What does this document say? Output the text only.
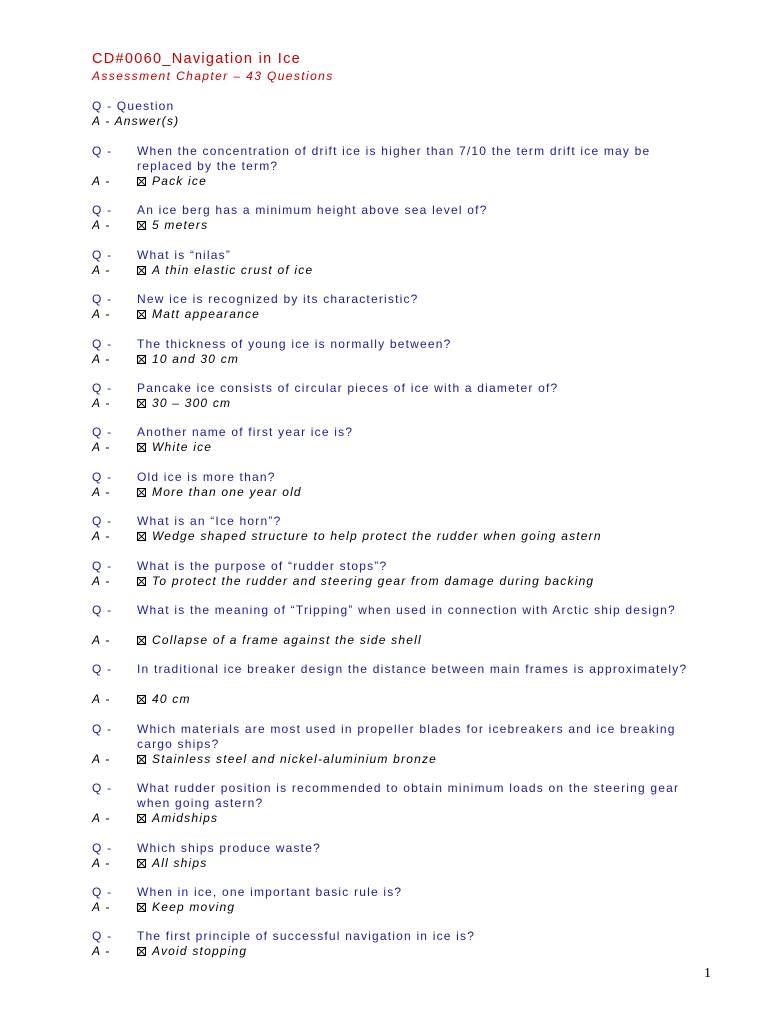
CD#0060_Navigation in Ice
Assessment Chapter – 43 Questions
Q - Question
A - Answer(s)
Q - When the concentration of drift ice is higher than 7/10 the term drift ice may be replaced by the term?
A -	Pack ice
Q - An ice berg has a minimum height above sea level of?
A -	5 meters
Q - What is “nilas”
A -	A thin elastic crust of ice
Q - New ice is recognized by its characteristic?
A -	Matt appearance
Q - The thickness of young ice is normally between?
A -	10 and 30 cm
Q - Pancake ice consists of circular pieces of ice with a diameter of?
A -	30 – 300 cm
Q - Another name of first year ice is?
A -	White ice
Q - Old ice is more than?
A -	More than one year old
Q - What is an “Ice horn”?
A -	Wedge shaped structure to help protect the rudder when going astern
Q - What is the purpose of “rudder stops”?
A -	To protect the rudder and steering gear from damage during backing
Q - What is the meaning of “Tripping” when used in connection with Arctic ship design?
A -	Collapse of a frame against the side shell
Q - In traditional ice breaker design the distance between main frames is approximately?
A -	40 cm
Q - Which materials are most used in propeller blades for icebreakers and ice breaking cargo ships?
A -	Stainless steel and nickel-aluminium bronze
Q - What rudder position is recommended to obtain minimum loads on the steering gear when going astern?
A -	Amidships
Q - Which ships produce waste?
A -	All ships
Q - When in ice, one important basic rule is?
A -	Keep moving
Q - The first principle of successful navigation in ice is?
A -	Avoid stopping
1
